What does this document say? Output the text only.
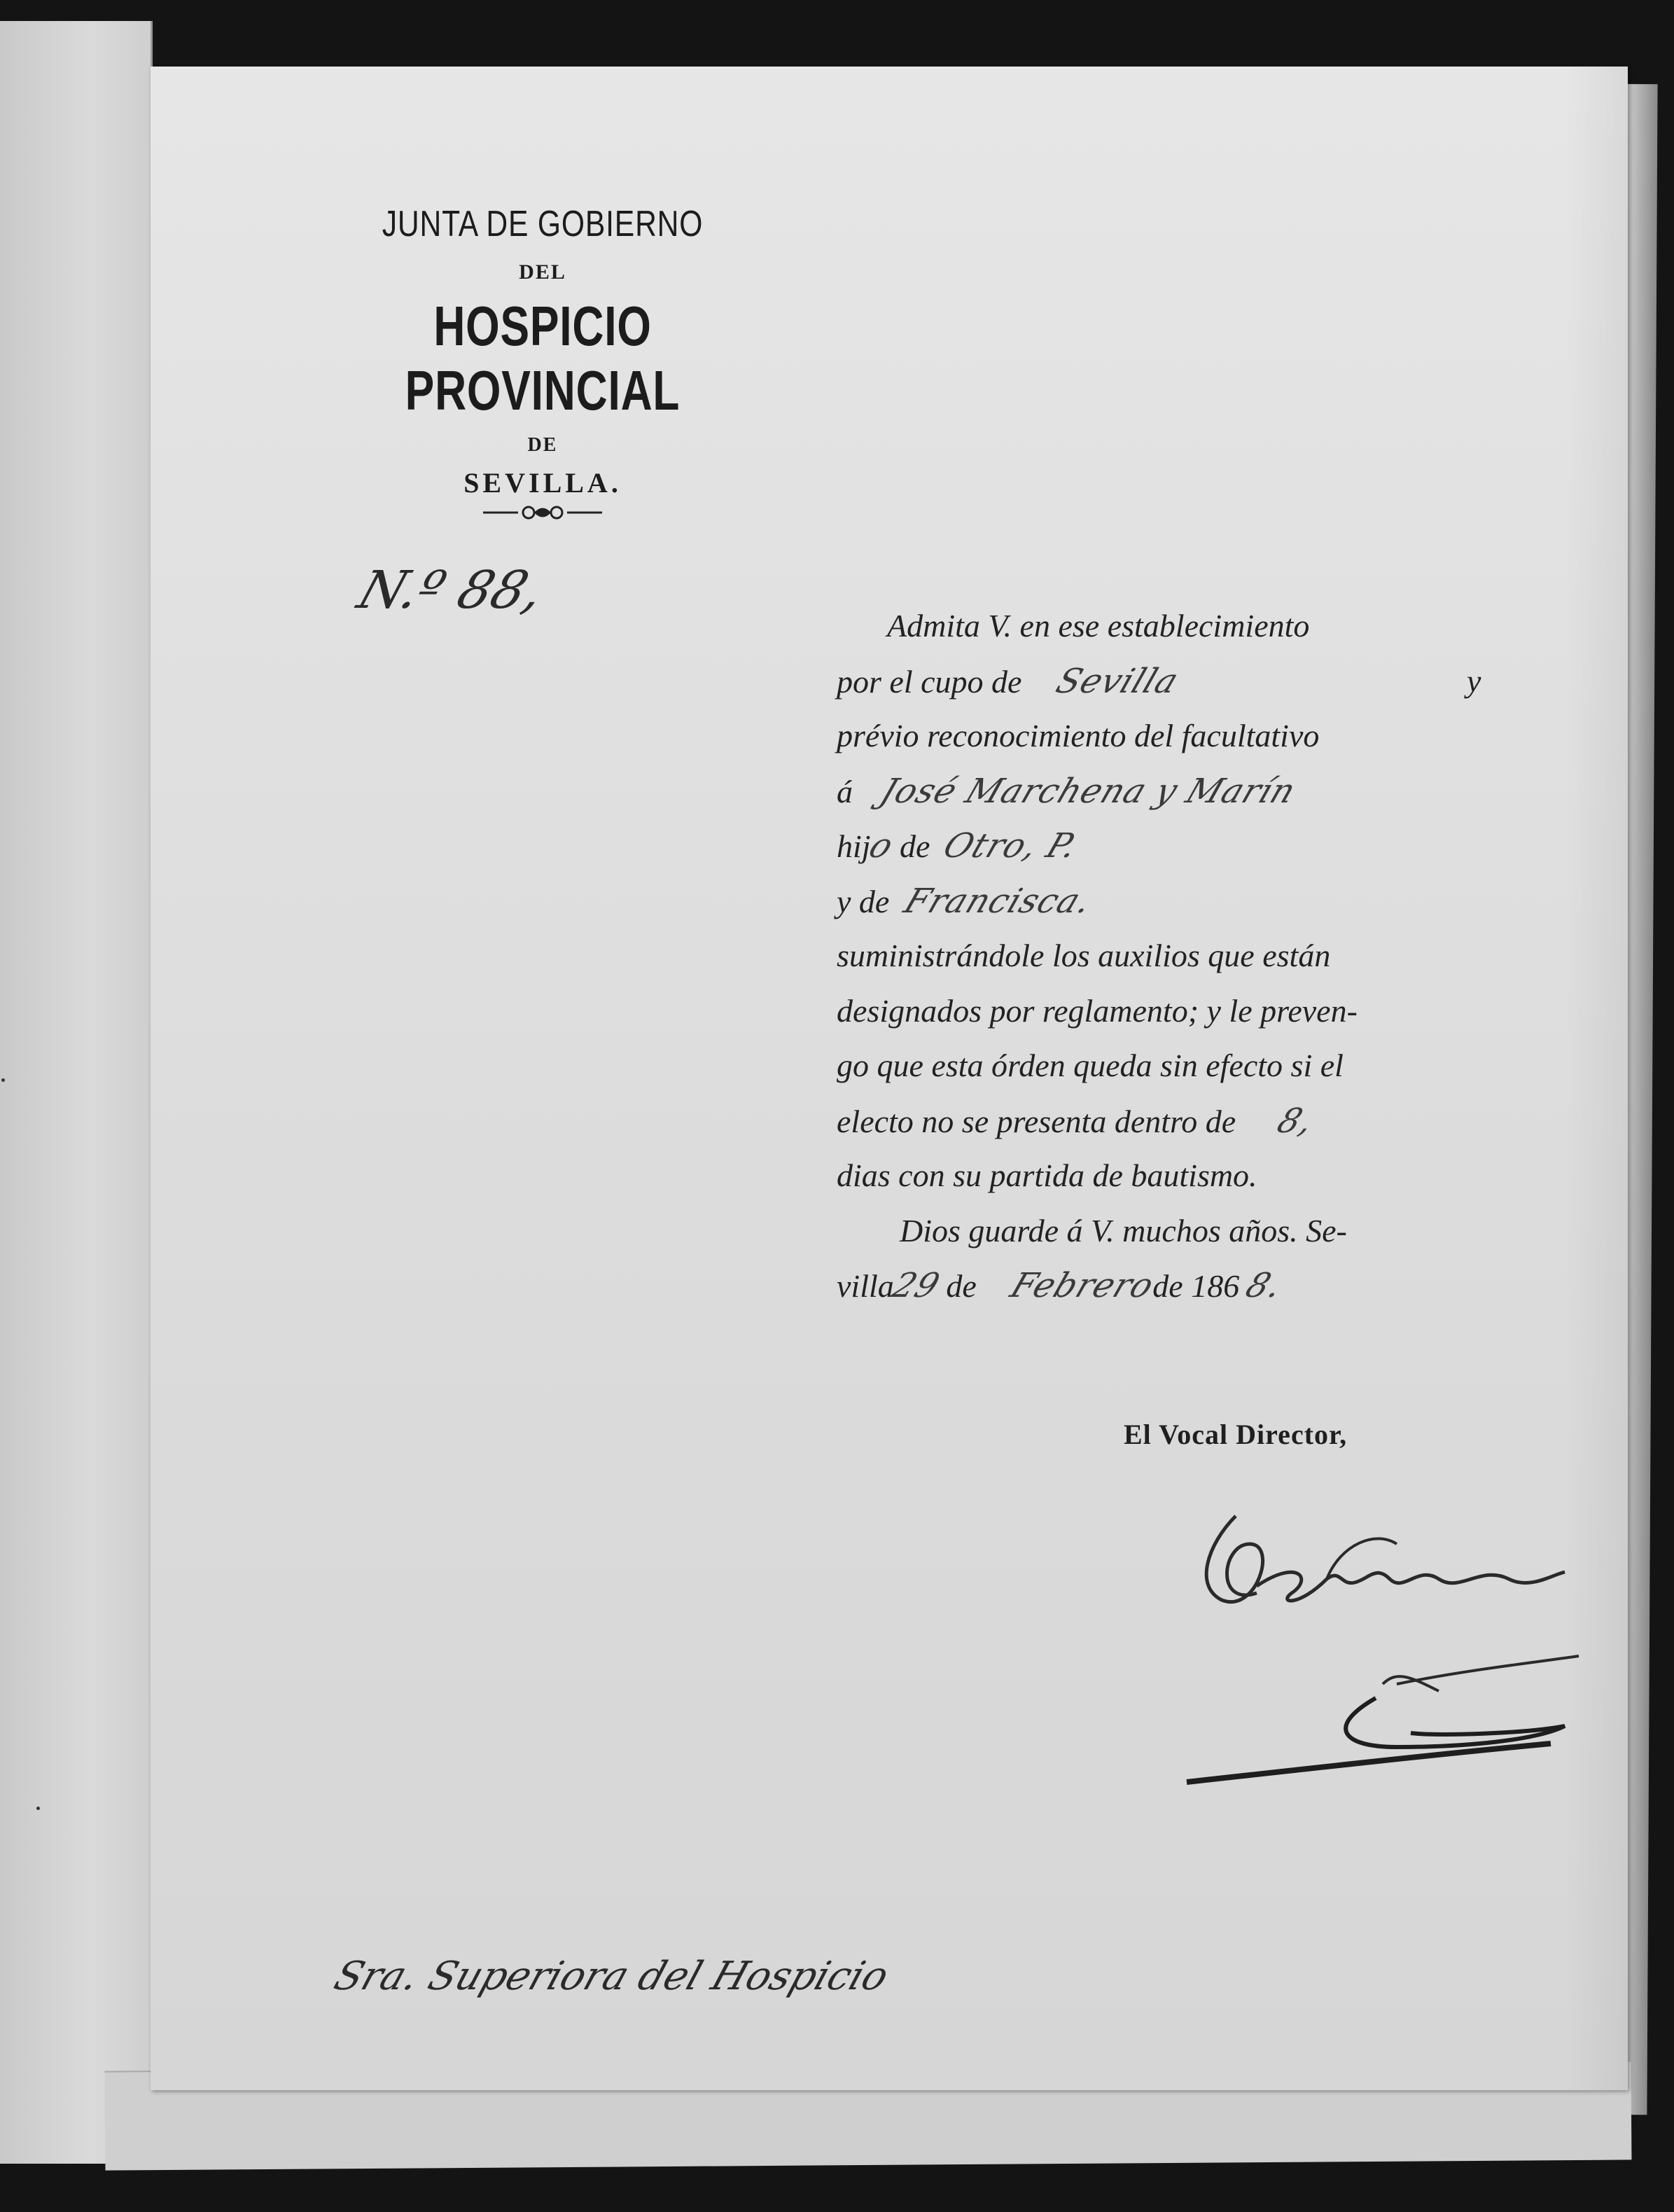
JUNTA DE GOBIERNO
DEL
HOSPICIO PROVINCIAL
DE
SEVILLA.
N.º 88,
Admita V. en ese establecimiento
por el cupo de Sevilla	y
prévio reconocimiento del facultativo
á José Marchena y Marín
hijo de Otro, P.
y de Francisca.
suministrándole los auxilios que están
designados por reglamento; y le preven-
go que esta órden queda sin efecto si el
electo no se presenta dentro de 8,
dias con su partida de bautismo.
Dios guarde á V. muchos años. Se-
villa29 de Febrerode 186 8.
El Vocal Director,
Sra. Superiora del Hospicio
